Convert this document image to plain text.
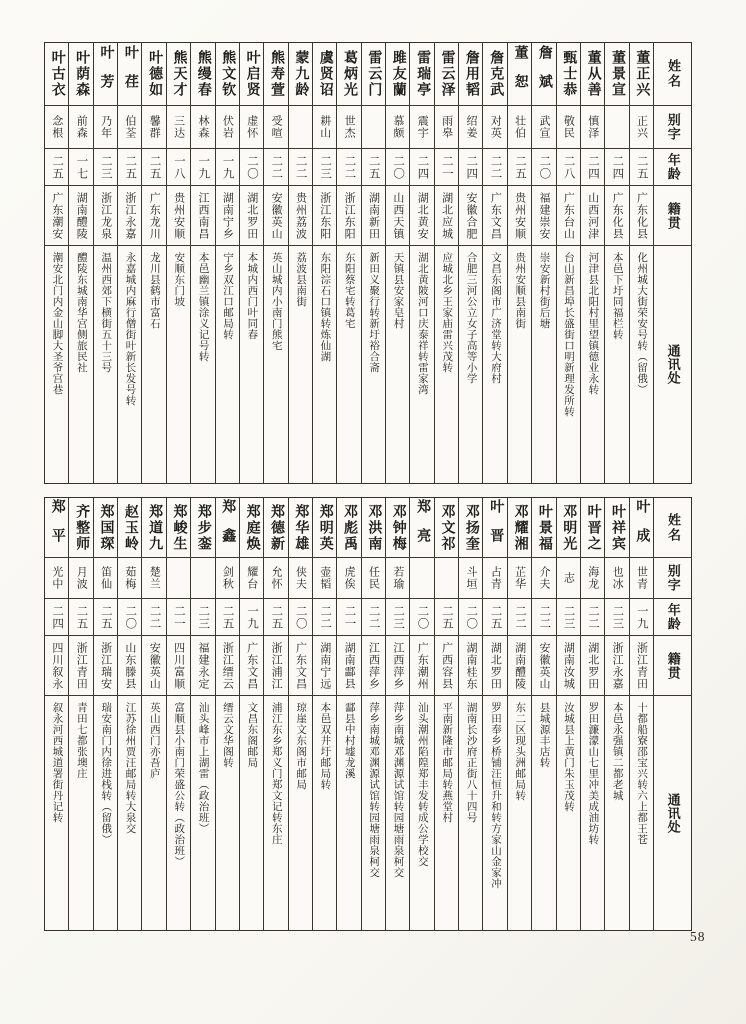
姓名
别字
年龄
籍贯
通讯处
董正兴
正兴
二五
广东化县
化州城大街荣安号转（留俄）
董景宣
二四
广东化县
本邑下圩同福栏转
董从善
慎泽
二四
山西河津
河津县北阳村里望镇德业永转
甄士恭
敬民
二八
广东台山
台山新昌埠长盛街口明新理发所转
詹斌
武宣
二〇
福建崇安
崇安新村街后塘
董恕
壮伯
二五
贵州安顺
贵州安顺县南街
詹克武
对英
二二
广东文昌
文昌东阁市广济堂转大府村
詹用韬
绍姜
二四
安徽合肥
合肥三河公立女子高等小学
雷云泽
雨皋
二一
湖北应城
应城北乡王家庙雷兴茂转
雷瑞亭
震宇
二四
湖北黄安
湖北黄陂河口庆泰祥转雷家湾
雎友蘭
慕颇
二〇
山西天镇
天镇县安家皂村
雷云门
二五
湖南新田
新田义聚行转新圩裕合斋
葛炳光
世杰
二二
浙江东阳
东阳蔡宅转葛宅
虞贤诏
耕山
二三
浙江东阳
东阳淙石口镇转炼仙湖
蒙九龄
二二
贵州荔波
荔波县南街
熊寿萱
受喧
二二
安徽英山
英山城内小南门熊宅
叶启贤
虚怀
二〇
湖北罗田
本城内西门叶同春
熊文钦
伏岩
一九
湖南宁乡
宁乡双江口邮局转
熊缦春
林森
一九
江西南昌
本邑幽兰镇涂义记号转
熊天才
三达
一八
贵州安顺
安顺东门坡
叶德如
馨群
二五
广东龙川
龙川县鹤市富石
叶荏
伯荃
二五
浙江永嘉
永嘉城内麻行僧街叶新长发号转
叶芳
乃年
二三
浙江龙泉
温州西郊下横街五十三号
叶荫森
前森
一七
湖南醴陵
醴陵东城南华宫侧旅民社
叶古衣
念根
二五
广东潮安
潮安北门内金山脚大圣爷宫巷
姓名
别字
年龄
籍贯
通讯处
叶成
世青
一九
浙江青田
十都船寮邵宝兴转六上都王苍
叶祥宾
也冰
二三
浙江永嘉
本邑永强镇二都老城
叶晋之
海龙
二二
湖北罗田
罗田濂濛山七里冲美成油坊转
邓明光
志
二三
湖南汝城
汝城县上黄门朱玉茂转
叶景福
介夫
二二
安徽英山
县城源丰店转
邓耀湘
芷华
二二
湖南醴陵
东二区现头洲邮局转
叶晋
占青
二五
湖北罗田
罗田奉乡桥铺汪恒升和转方家山金家冲
邓扬奎
斗垣
二〇
湖南桂东
湖南长沙府正街八十四号
邓文祁
二五
广西容县
平南新隆市邮局转燕堂村
郑亮
二〇
广东潮州
汕头潮州陷隍郑丰发转成公学校交
邓钟梅
若瑜
二三
江西萍乡
萍乡南城邓渊源试馆转园塘雨泉柯交
邓洪南
任民
二二
江西萍乡
萍乡南城邓渊源试馆转园塘雨泉柯交
邓彪禹
虎俟
二一
湖南酃县
酃县中村墟龙溪
郑明英
壶韬
二二
湖南宁远
本邑双井圩邮局转
郑华雄
侠夫
二〇
广东文昌
琼崖文东阁市邮局
郑德新
允怀
二五
浙江浦江
浦江东乡郑义门郑文记转东庄
郑庭焕
耀台
一九
广东文昌
文昌东阁邮局
郑鑫
剑秋
二五
浙江缙云
缙云文华阁转
郑步銮
二三
福建永定
汕头峰市上湖雷（政治班）
郑峻生
二一
四川富顺
富顺县小南门荣盛公转（政治班）
郑道九
楚兰
二二
安徽英山
英山西门亦吾庐
赵玉岭
茹梅
二〇
山东滕县
江苏徐州贾汪邮局转大泉交
郑国琛
笛仙
二五
浙江瑞安
瑞安南门内徐进栈转（留俄）
齐整师
月波
二五
浙江青田
青田七都张墺庄
郑平
光中
二四
四川叙永
叙永河西城道署街丹记转
58
